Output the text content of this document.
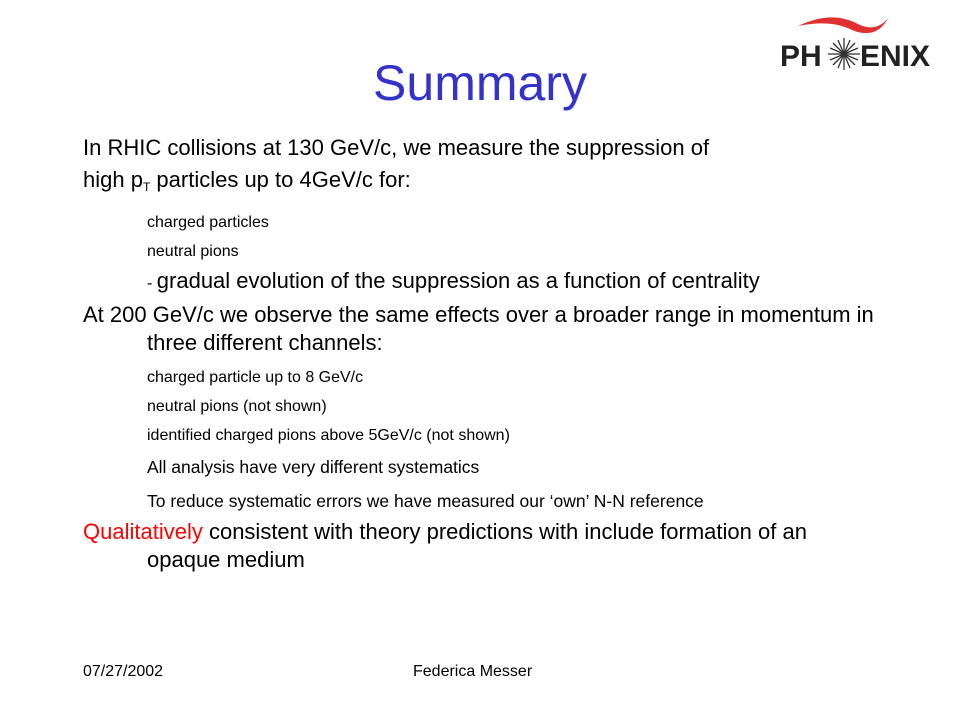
PH ENIX
Summary

In RHIC collisions at 130 GeV/c, we measure the suppression of

high pT particles up to 4GeV/c for:

charged particles

neutral pions

- gradual evolution of the suppression as a function of centrality

At 200 GeV/c we observe the same effects over a broader range in momentum in three different channels:

charged particle up to 8 GeV/c

neutral pions (not shown)

identified charged pions above 5GeV/c (not shown)

All analysis have very different systematics

To reduce systematic errors we have measured our ‘own’ N-N reference

Qualitatively consistent with theory predictions with include formation of an opaque medium

07/27/2002	Federica Messer
